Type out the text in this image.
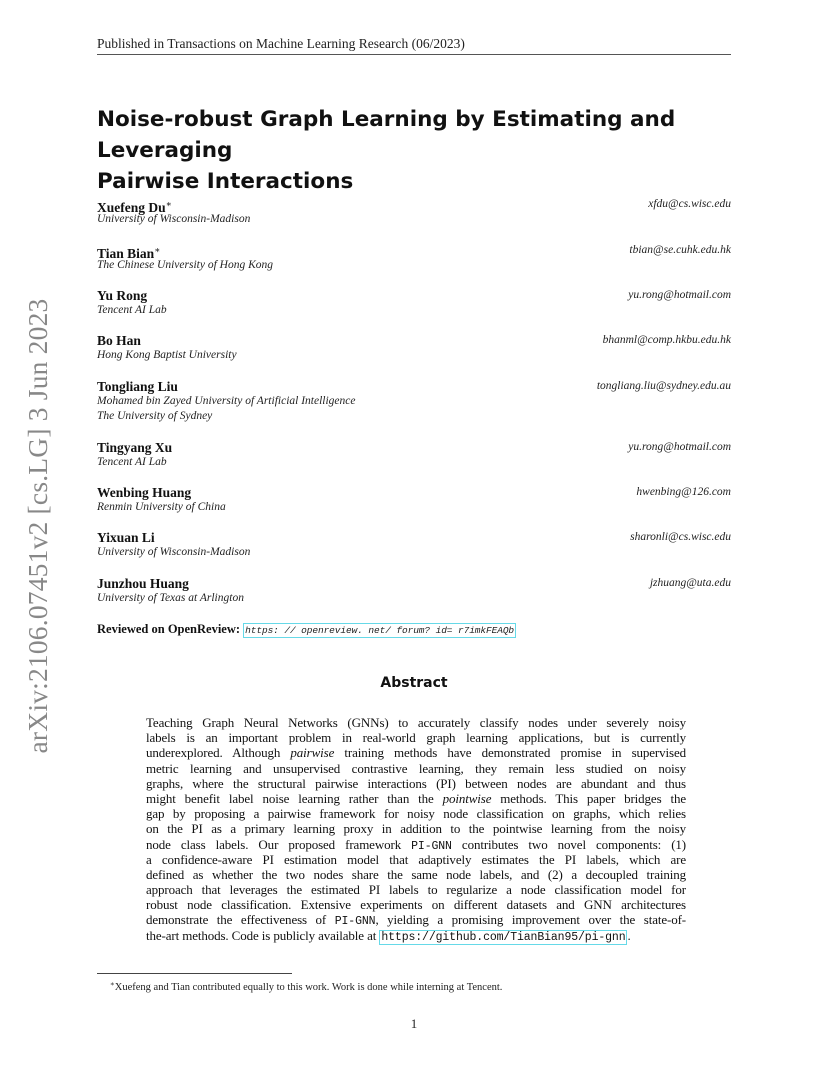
Published in Transactions on Machine Learning Research (06/2023)
arXiv:2106.07451v2 [cs.LG] 3 Jun 2023
Noise-robust Graph Learning by Estimating and Leveraging
Pairwise Interactions
Xuefeng Du∗	xfdu@cs.wisc.edu
University of Wisconsin-Madison
Tian Bian∗	tbian@se.cuhk.edu.hk
The Chinese University of Hong Kong
Yu Rong	yu.rong@hotmail.com
Tencent AI Lab
Bo Han	bhanml@comp.hkbu.edu.hk
Hong Kong Baptist University
Tongliang Liu	tongliang.liu@sydney.edu.au
Mohamed bin Zayed University of Artificial Intelligence
The University of Sydney
Tingyang Xu	yu.rong@hotmail.com
Tencent AI Lab
Wenbing Huang	hwenbing@126.com
Renmin University of China
Yixuan Li	sharonli@cs.wisc.edu
University of Wisconsin-Madison
Junzhou Huang	jzhuang@uta.edu
University of Texas at Arlington
Reviewed on OpenReview: https: // openreview. net/ forum? id= r7imkFEAQb
Abstract
Teaching Graph Neural Networks (GNNs) to accurately classify nodes under severely noisy
labels is an important problem in real-world graph learning applications, but is currently
underexplored. Although pairwise training methods have demonstrated promise in supervised
metric learning and unsupervised contrastive learning, they remain less studied on noisy
graphs, where the structural pairwise interactions (PI) between nodes are abundant and thus
might benefit label noise learning rather than the pointwise methods. This paper bridges the
gap by proposing a pairwise framework for noisy node classification on graphs, which relies
on the PI as a primary learning proxy in addition to the pointwise learning from the noisy
node class labels. Our proposed framework PI-GNN contributes two novel components: (1)
a confidence-aware PI estimation model that adaptively estimates the PI labels, which are
defined as whether the two nodes share the same node labels, and (2) a decoupled training
approach that leverages the estimated PI labels to regularize a node classification model for
robust node classification. Extensive experiments on different datasets and GNN architectures
demonstrate the effectiveness of PI-GNN, yielding a promising improvement over the state-of-
the-art methods. Code is publicly available at https://github.com/TianBian95/pi-gnn .
∗Xuefeng and Tian contributed equally to this work. Work is done while interning at Tencent.
1
